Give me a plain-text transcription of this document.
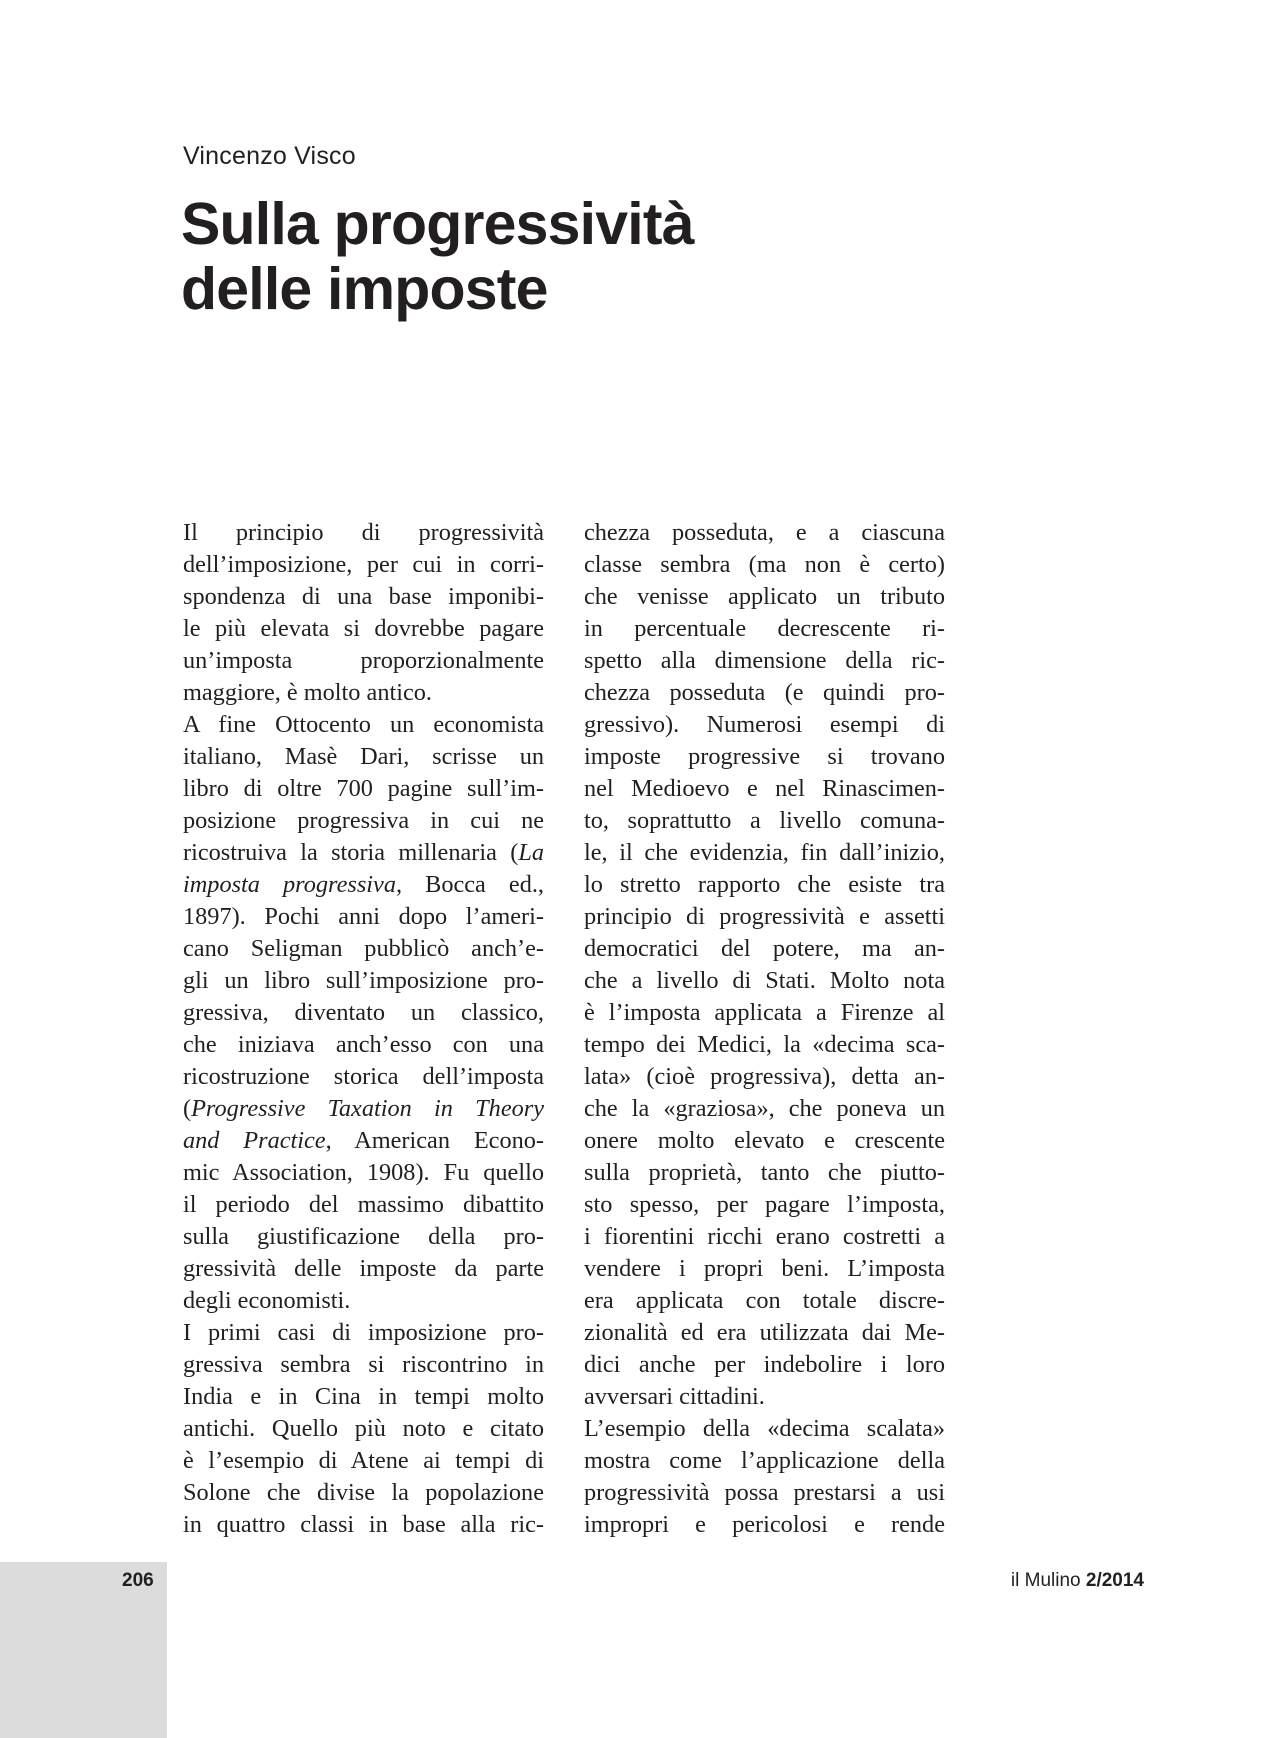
Vincenzo Visco
Sulla progressività
delle imposte
Il principio di progressività
dell’imposizione, per cui in corri-
spondenza di una base imponibi-
le più elevata si dovrebbe pagare
un’imposta proporzionalmente
maggiore, è molto antico.
A fine Ottocento un economista
italiano, Masè Dari, scrisse un
libro di oltre 700 pagine sull’im-
posizione progressiva in cui ne
ricostruiva la storia millenaria (La
imposta progressiva, Bocca ed.,
1897). Pochi anni dopo l’ameri-
cano Seligman pubblicò anch’e-
gli un libro sull’imposizione pro-
gressiva, diventato un classico,
che iniziava anch’esso con una
ricostruzione storica dell’imposta
(Progressive Taxation in Theory
and Practice, American Econo-
mic Association, 1908). Fu quello
il periodo del massimo dibattito
sulla giustificazione della pro-
gressività delle imposte da parte
degli economisti.
I primi casi di imposizione pro-
gressiva sembra si riscontrino in
India e in Cina in tempi molto
antichi. Quello più noto e citato
è l’esempio di Atene ai tempi di
Solone che divise la popolazione
in quattro classi in base alla ric-
chezza posseduta, e a ciascuna
classe sembra (ma non è certo)
che venisse applicato un tributo
in percentuale decrescente ri-
spetto alla dimensione della ric-
chezza posseduta (e quindi pro-
gressivo). Numerosi esempi di
imposte progressive si trovano
nel Medioevo e nel Rinascimen-
to, soprattutto a livello comuna-
le, il che evidenzia, fin dall’inizio,
lo stretto rapporto che esiste tra
principio di progressività e assetti
democratici del potere, ma an-
che a livello di Stati. Molto nota
è l’imposta applicata a Firenze al
tempo dei Medici, la «decima sca-
lata» (cioè progressiva), detta an-
che la «graziosa», che poneva un
onere molto elevato e crescente
sulla proprietà, tanto che piutto-
sto spesso, per pagare l’imposta,
i fiorentini ricchi erano costretti a
vendere i propri beni. L’imposta
era applicata con totale discre-
zionalità ed era utilizzata dai Me-
dici anche per indebolire i loro
avversari cittadini.
L’esempio della «decima scalata»
mostra come l’applicazione della
progressività possa prestarsi a usi
impropri e pericolosi e rende
206	il Mulino 2/2014
